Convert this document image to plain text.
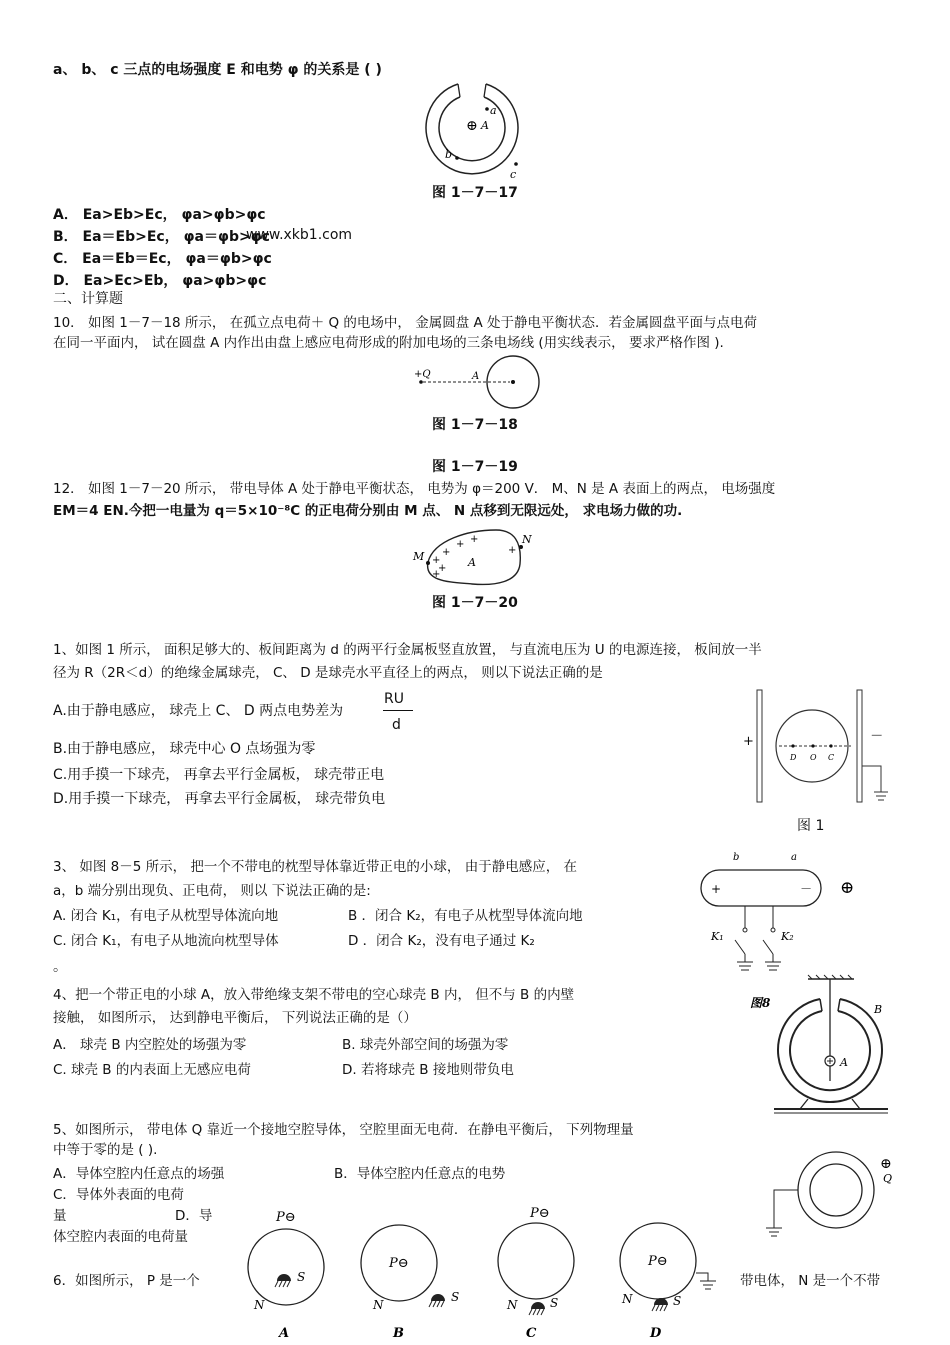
a、 b、 c 三点的电场强度 E 和电势 φ 的关系是 ( )
⊕ A
a
b
c
图 1－7－17
A． Ea>Eb>Ec， φa>φb>φc
B． Ea＝Eb>Ec， φa＝φb>φc
www.xkb1.com
C． Ea＝Eb＝Ec， φa＝φb>φc
D． Ea>Ec>Eb， φa>φb>φc
二、计算题
10． 如图 1－7－18 所示， 在孤立点电荷＋ Q 的电场中， 金属圆盘 A 处于静电平衡状态．若金属圆盘平面与点电荷
在同一平面内， 试在圆盘 A 内作出由盘上感应电荷形成的附加电场的三条电场线 (用实线表示， 要求严格作图 ).
+Q	A
图 1－7－18
图 1－7－19
12． 如图 1－7－20 所示， 带电导体 A 处于静电平衡状态， 电势为 φ＝200 V． M、N 是 A 表面上的两点， 电场强度
EM＝4 EN.今把一电量为 q＝5×10⁻⁸C 的正电荷分别由 M 点、 N 点移到无限远处， 求电场力做的功.
M
N
A
+
+
+
+
+
+
+
图 1－7－20
1、如图 1 所示， 面积足够大的、板间距离为 d 的两平行金属板竖直放置， 与直流电压为 U 的电源连接， 板间放一半
径为 R（2R＜d）的绝缘金属球壳， C、 D 是球壳水平直径上的两点， 则以下说法正确的是
A.由于静电感应， 球壳上 C、 D 两点电势差为
RU
d
B.由于静电感应， 球壳中心 O 点场强为零
C.用手摸一下球壳， 再拿去平行金属板， 球壳带正电
D.用手摸一下球壳， 再拿去平行金属板， 球壳带负电
+	－
D O C
图 1
3、 如图 8－5 所示， 把一个不带电的枕型导体靠近带正电的小球， 由于静电感应， 在
a，b 端分别出现负、正电荷， 则以 下说法正确的是:
A. 闭合 K₁，有电子从枕型导体流向地	B ．闭合 K₂，有电子从枕型导体流向地
C. 闭合 K₁，有电子从地流向枕型导体	D ．闭合 K₂，没有电子通过 K₂
。
b	a
+	－ ⊕
K₁	K₂
4、把一个带正电的小球 A，放入带绝缘支架不带电的空心球壳 B 内， 但不与 B 的内壁
接触， 如图所示， 达到静电平衡后， 下列说法正确的是（）
A． 球壳 B 内空腔处的场强为零	B. 球壳外部空间的场强为零
C. 球壳 B 的内表面上无感应电荷	D. 若将球壳 B 接地则带负电
图8
A
B
5、如图所示， 带电体 Q 靠近一个接地空腔导体， 空腔里面无电荷．在静电平衡后， 下列物理量
中等于零的是 ( ).
A．导体空腔内任意点的场强	B．导体空腔内任意点的电势
C．导体外表面的电荷
量	D．导
体空腔内表面的电荷量
⊕
Q
6．如图所示， P 是一个	带电体， N 是一个不带
P⊖
S
N
A
P⊖
S
N
B
P⊖
S
N
C
P⊖
S
N
D
